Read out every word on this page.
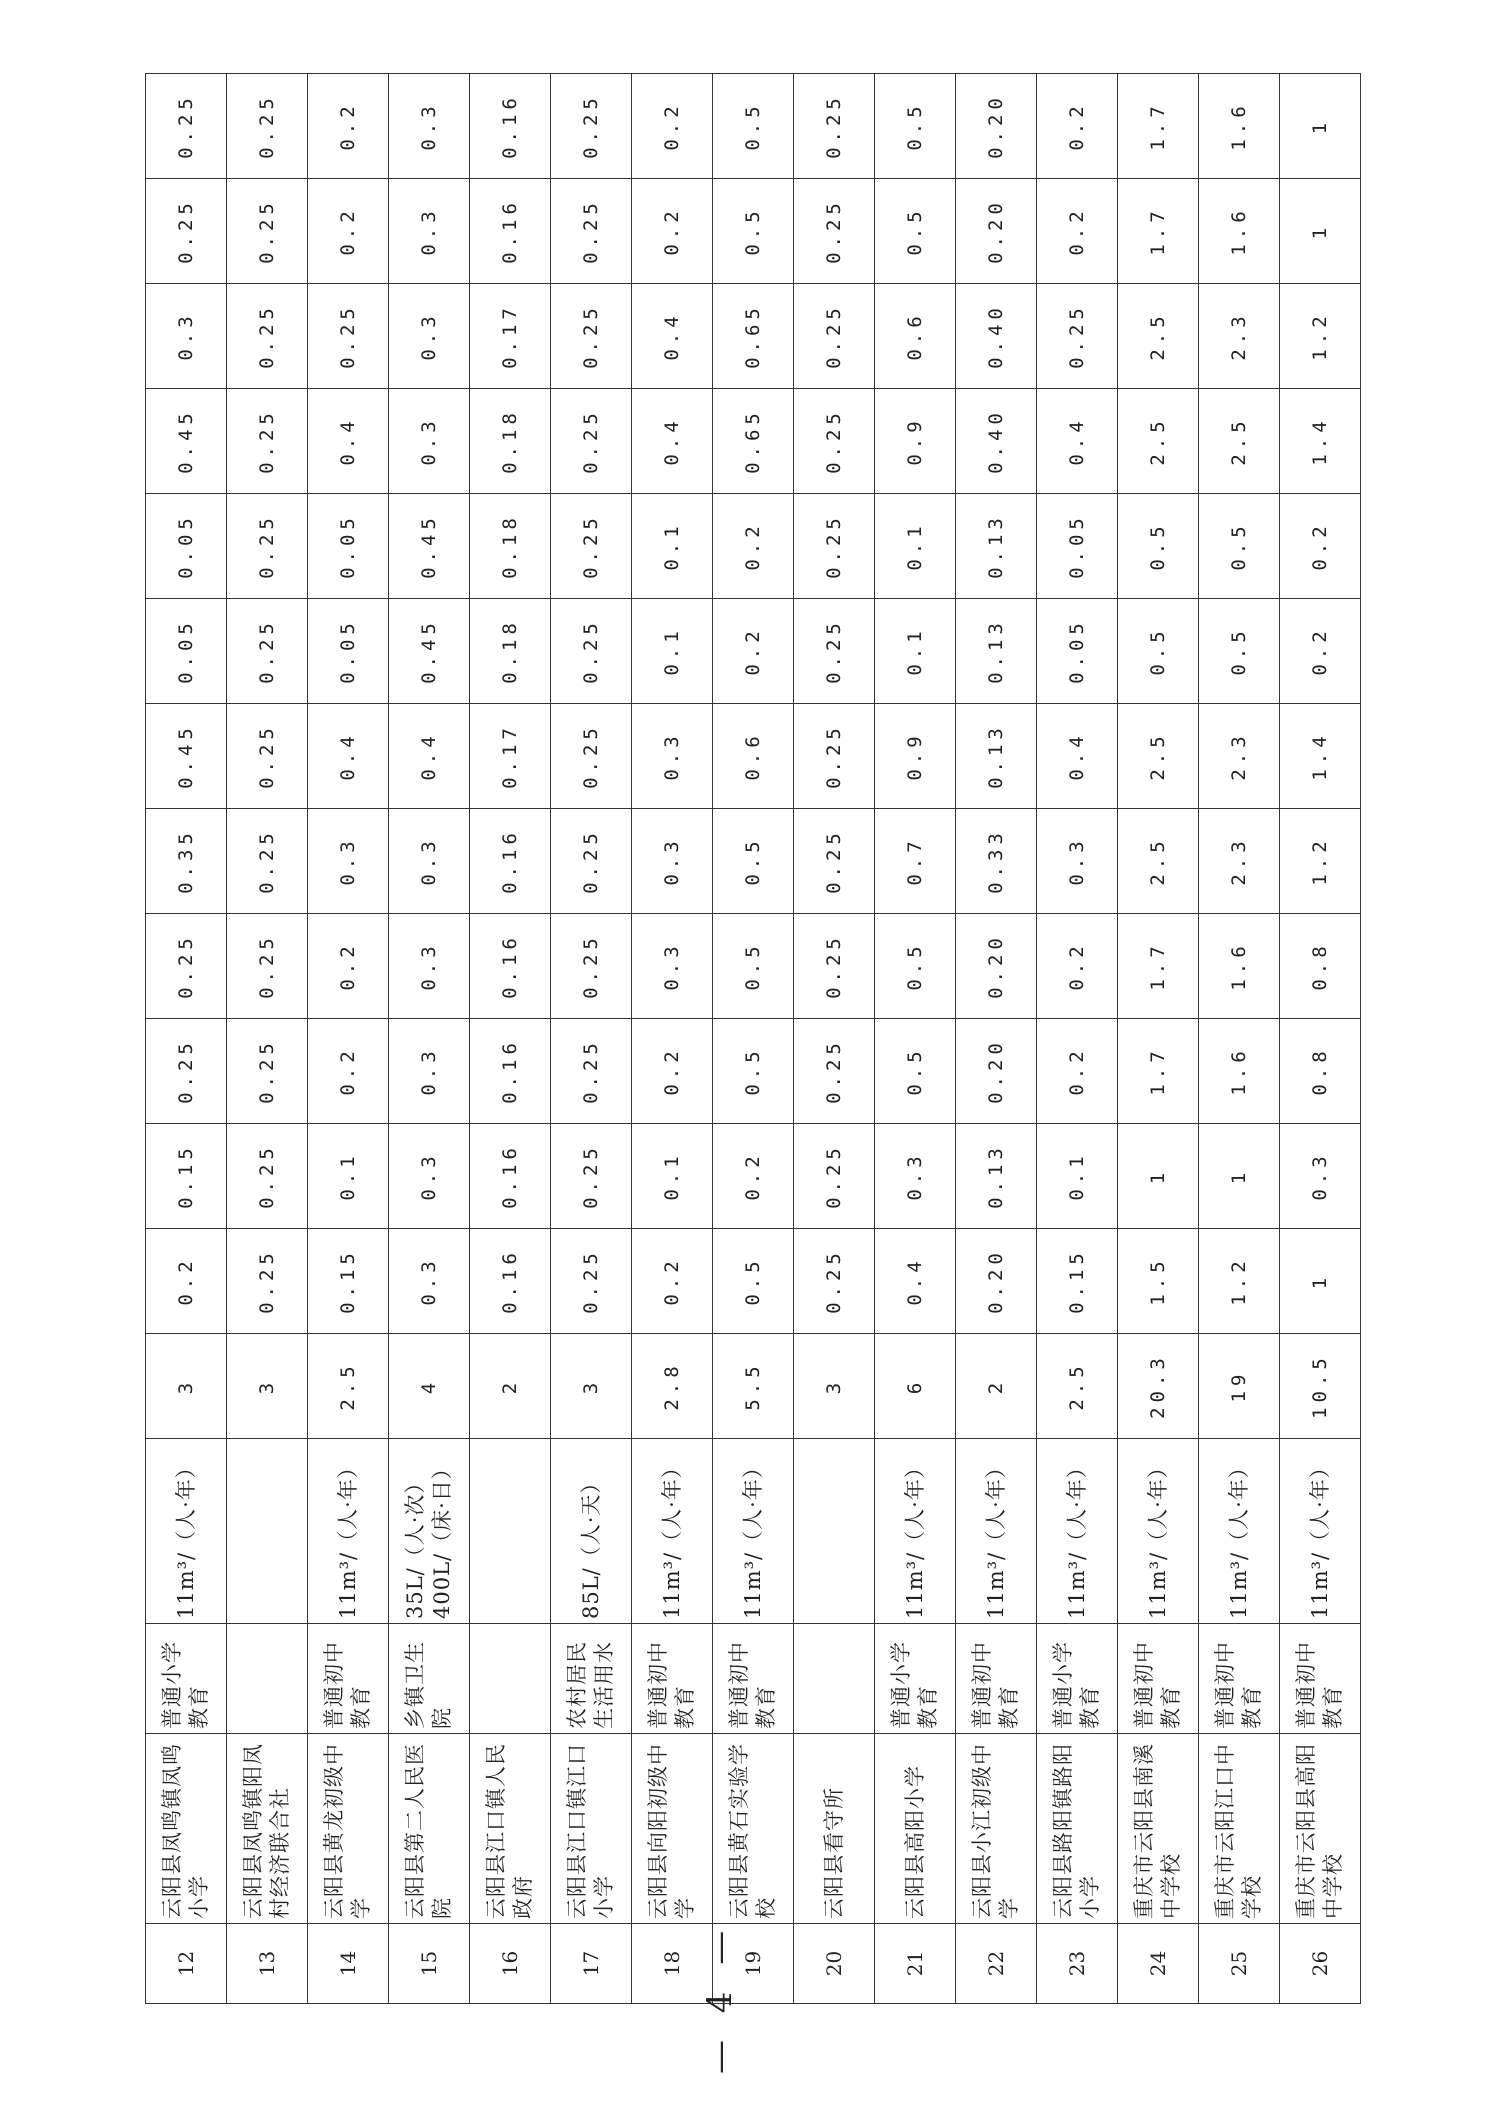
12	云阳县凤鸣镇凤鸣小学	普通小学教育	11m³/（人·年）	3	0.2	0.15	0.25	0.25	0.35	0.45	0.05	0.05	0.45	0.3	0.25	0.25
13	云阳县凤鸣镇阳凤村经济联合社			3	0.25	0.25	0.25	0.25	0.25	0.25	0.25	0.25	0.25	0.25	0.25	0.25
14	云阳县黄龙初级中学	普通初中教育	11m³/（人·年）	2.5	0.15	0.1	0.2	0.2	0.3	0.4	0.05	0.05	0.4	0.25	0.2	0.2
15	云阳县第二人民医院	乡镇卫生院	35L/（人·次）400L/（床·日）	4	0.3	0.3	0.3	0.3	0.3	0.4	0.45	0.45	0.3	0.3	0.3	0.3
16	云阳县江口镇人民政府			2	0.16	0.16	0.16	0.16	0.16	0.17	0.18	0.18	0.18	0.17	0.16	0.16
17	云阳县江口镇江口小学	农村居民生活用水	85L/（人·天）	3	0.25	0.25	0.25	0.25	0.25	0.25	0.25	0.25	0.25	0.25	0.25	0.25
18	云阳县向阳初级中学	普通初中教育	11m³/（人·年）	2.8	0.2	0.1	0.2	0.3	0.3	0.3	0.1	0.1	0.4	0.4	0.2	0.2
19	云阳县黄石实验学校	普通初中教育	11m³/（人·年）	5.5	0.5	0.2	0.5	0.5	0.5	0.6	0.2	0.2	0.65	0.65	0.5	0.5
20	云阳县看守所			3	0.25	0.25	0.25	0.25	0.25	0.25	0.25	0.25	0.25	0.25	0.25	0.25
21	云阳县高阳小学	普通小学教育	11m³/（人·年）	6	0.4	0.3	0.5	0.5	0.7	0.9	0.1	0.1	0.9	0.6	0.5	0.5
22	云阳县小江初级中学	普通初中教育	11m³/（人·年）	2	0.20	0.13	0.20	0.20	0.33	0.13	0.13	0.13	0.40	0.40	0.20	0.20
23	云阳县路阳镇路阳小学	普通小学教育	11m³/（人·年）	2.5	0.15	0.1	0.2	0.2	0.3	0.4	0.05	0.05	0.4	0.25	0.2	0.2
24	重庆市云阳县南溪中学校	普通初中教育	11m³/（人·年）	20.3	1.5	1	1.7	1.7	2.5	2.5	0.5	0.5	2.5	2.5	1.7	1.7
25	重庆市云阳江口中学校	普通初中教育	11m³/（人·年）	19	1.2	1	1.6	1.6	2.3	2.3	0.5	0.5	2.5	2.3	1.6	1.6
26	重庆市云阳县高阳中学校	普通初中教育	11m³/（人·年）	10.5	1	0.3	0.8	0.8	1.2	1.4	0.2	0.2	1.4	1.2	1	1
— 4 —
